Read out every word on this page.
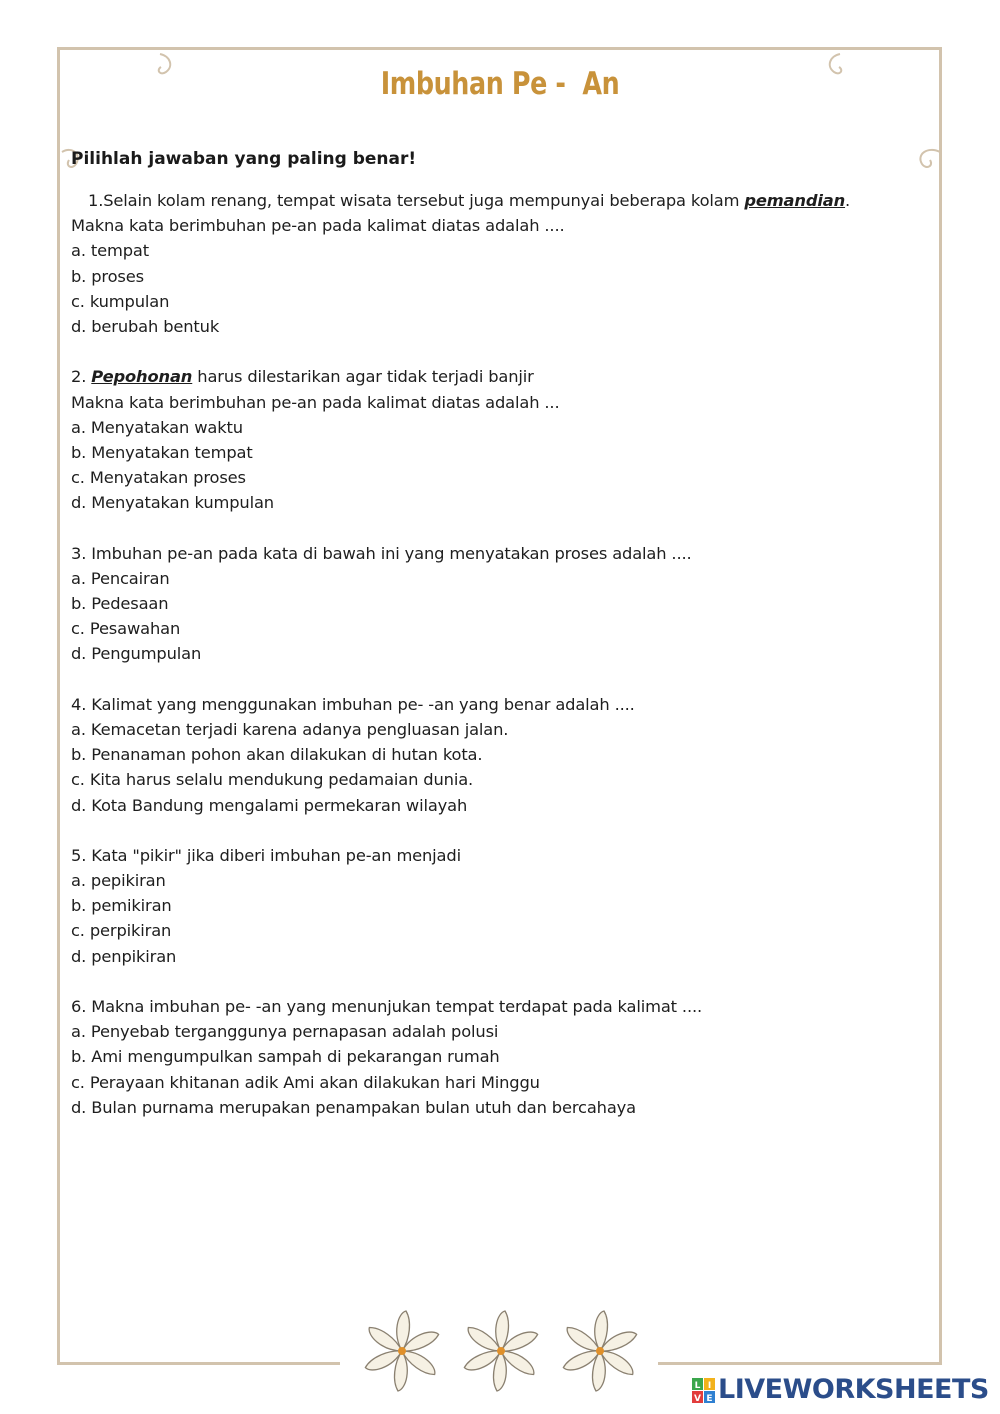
Imbuhan Pe -  An
Pilihlah jawaban yang paling benar!
1.Selain kolam renang, tempat wisata tersebut juga mempunyai beberapa kolam pemandian.
Makna kata berimbuhan pe-an pada kalimat diatas adalah ....
a. tempat
b. proses
c. kumpulan
d. berubah bentuk
2. Pepohonan harus dilestarikan agar tidak terjadi banjir
Makna kata berimbuhan pe-an pada kalimat diatas adalah ...
a. Menyatakan waktu
b. Menyatakan tempat
c. Menyatakan proses
d. Menyatakan kumpulan
3. Imbuhan pe-an pada kata di bawah ini yang menyatakan proses adalah ....
a. Pencairan
b. Pedesaan
c. Pesawahan
d. Pengumpulan
4. Kalimat yang menggunakan imbuhan pe- -an yang benar adalah ....
a. Kemacetan terjadi karena adanya pengluasan jalan.
b. Penanaman pohon akan dilakukan di hutan kota.
c. Kita harus selalu mendukung pedamaian dunia.
d. Kota Bandung mengalami permekaran wilayah
5. Kata "pikir" jika diberi imbuhan pe-an menjadi
a. pepikiran
b. pemikiran
c. perpikiran
d. penpikiran
6. Makna imbuhan pe- -an yang menunjukan tempat terdapat pada kalimat ....
a. Penyebab terganggunya pernapasan adalah polusi
b. Ami mengumpulkan sampah di pekarangan rumah
c. Perayaan khitanan adik Ami akan dilakukan hari Minggu
d. Bulan purnama merupakan penampakan bulan utuh dan bercahaya
L I
V E LIVEWORKSHEETS
